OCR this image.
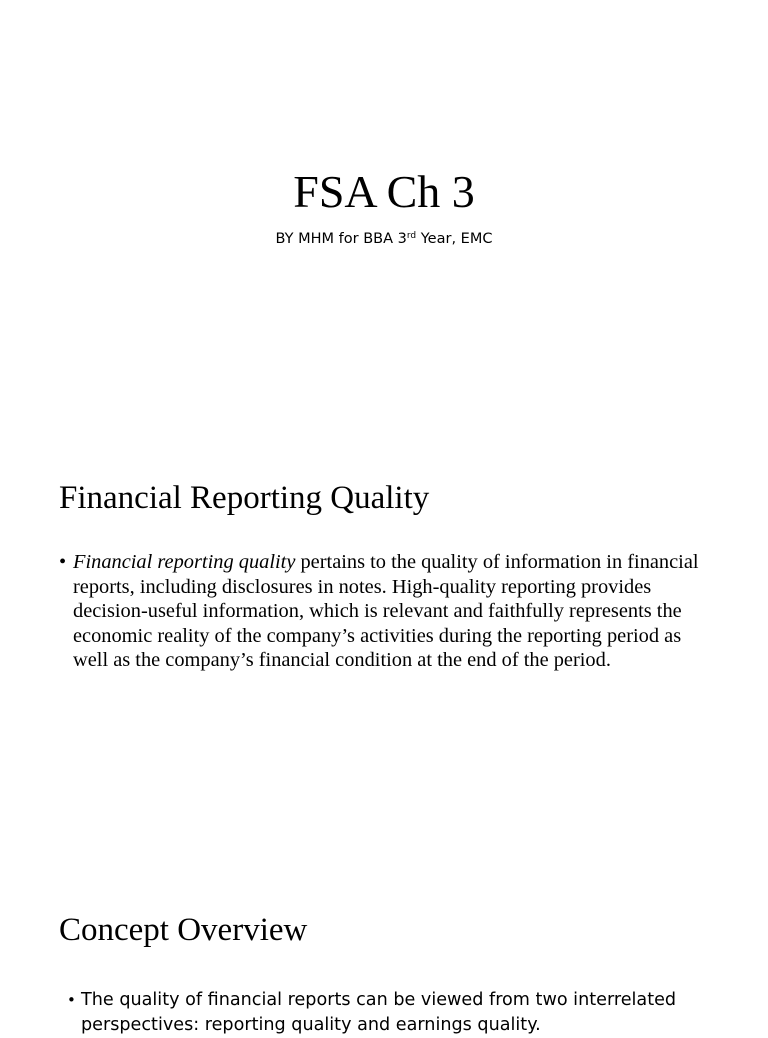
FSA Ch 3
BY MHM for BBA 3rd Year, EMC
Financial Reporting Quality
• Financial reporting quality pertains to the quality of information in financial reports, including disclosures in notes. High-quality reporting provides decision-useful information, which is relevant and faithfully represents the economic reality of the company’s activities during the reporting period as well as the company’s financial condition at the end of the period.
Concept Overview
• The quality of financial reports can be viewed from two interrelated perspectives: reporting quality and earnings quality.
